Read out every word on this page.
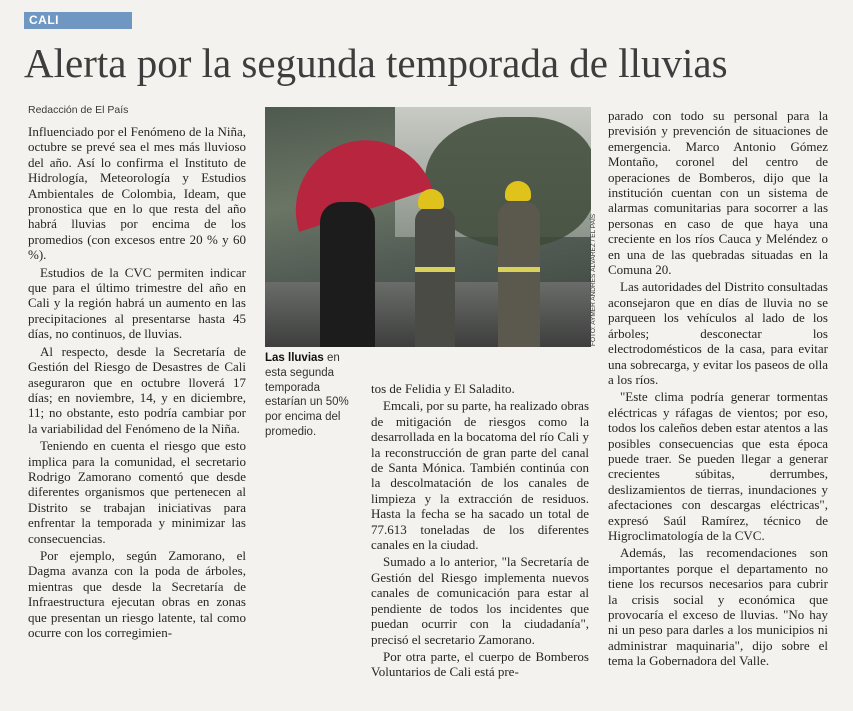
CALI
Alerta por la segunda temporada de lluvias
Redacción de El País

Influenciado por el Fenómeno de la Niña, octubre se prevé sea el mes más lluvioso del año. Así lo confirma el Instituto de Hidrología, Meteorología y Estudios Ambientales de Colombia, Ideam, que pronostica que en lo que resta del año habrá lluvias por encima de los promedios (con excesos entre 20 % y 60 %).

Estudios de la CVC permiten indicar que para el último trimestre del año en Cali y la región habrá un aumento en las precipitaciones al presentarse hasta 45 días, no continuos, de lluvias.

Al respecto, desde la Secretaría de Gestión del Riesgo de Desastres de Cali aseguraron que en octubre lloverá 17 días; en noviembre, 14, y en diciembre, 11; no obstante, esto podría cambiar por la variabilidad del Fenómeno de la Niña.

Teniendo en cuenta el riesgo que esto implica para la comunidad, el secretario Rodrigo Zamorano comentó que desde diferentes organismos que pertenecen al Distrito se trabajan iniciativas para enfrentar la temporada y minimizar las consecuencias.

Por ejemplo, según Zamorano, el Dagma avanza con la poda de árboles, mientras que desde la Secretaría de Infraestructura ejecutan obras en zonas que presentan un riesgo latente, tal como ocurre con los corregimien-

FOTO: AYMER ANDRÉS ÁLVAREZ / EL PAÍS
Las lluvias en esta segunda temporada estarían un 50% por encima del promedio.

tos de Felidia y El Saladito.

Emcali, por su parte, ha realizado obras de mitigación de riesgos como la desarrollada en la bocatoma del río Cali y la reconstrucción de gran parte del canal de Santa Mónica. También continúa con la descolmatación de los canales de limpieza y la extracción de residuos. Hasta la fecha se ha sacado un total de 77.613 toneladas de los diferentes canales en la ciudad.

Sumado a lo anterior, "la Secretaría de Gestión del Riesgo implementa nuevos canales de comunicación para estar al pendiente de todos los incidentes que puedan ocurrir con la ciudadanía", precisó el secretario Zamorano.

Por otra parte, el cuerpo de Bomberos Voluntarios de Cali está pre-

parado con todo su personal para la previsión y prevención de situaciones de emergencia. Marco Antonio Gómez Montaño, coronel del centro de operaciones de Bomberos, dijo que la institución cuentan con un sistema de alarmas comunitarias para socorrer a las personas en caso de que haya una creciente en los ríos Cauca y Meléndez o en una de las quebradas situadas en la Comuna 20.

Las autoridades del Distrito consultadas aconsejaron que en días de lluvia no se parqueen los vehículos al lado de los árboles; desconectar los electrodomésticos de la casa, para evitar una sobrecarga, y evitar los paseos de olla a los ríos.

"Este clima podría generar tormentas eléctricas y ráfagas de vientos; por eso, todos los caleños deben estar atentos a las posibles consecuencias que esta época puede traer. Se pueden llegar a generar crecientes súbitas, derrumbes, deslizamientos de tierras, inundaciones y afectaciones con descargas eléctricas", expresó Saúl Ramírez, técnico de Higroclimatología de la CVC.

Además, las recomendaciones son importantes porque el departamento no tiene los recursos necesarios para cubrir la crisis social y económica que provocaría el exceso de lluvias. "No hay ni un peso para darles a los municipios ni administrar maquinaria", dijo sobre el tema la Gobernadora del Valle.
